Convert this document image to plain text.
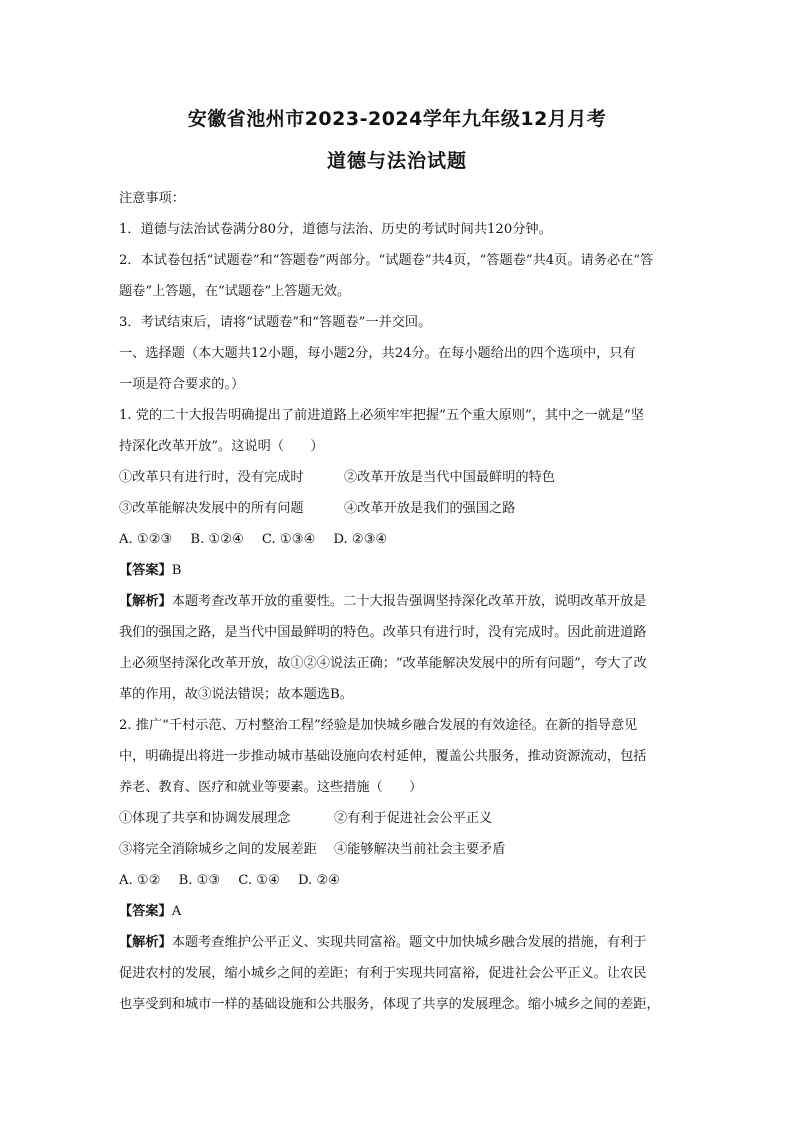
安徽省池州市2023-2024学年九年级12月月考
道德与法治试题
注意事项：
1．道德与法治试卷满分80分，道德与法治、历史的考试时间共120分钟。
2．本试卷包括“试题卷”和“答题卷”两部分。“试题卷”共4页，“答题卷”共4页。请务必在“答
题卷”上答题，在“试题卷”上答题无效。
3．考试结束后，请将“试题卷”和“答题卷”一并交回。
一、选择题（本大题共12小题，每小题2分，共24分。在每小题给出的四个选项中，只有
一项是符合要求的。）
1. 党的二十大报告明确提出了前进道路上必须牢牢把握“五个重大原则”，其中之一就是“坚
持深化改革开放”。这说明（　　）
①改革只有进行时，没有完成时	②改革开放是当代中国最鲜明的特色
③改革能解决发展中的所有问题	④改革开放是我们的强国之路
A. ①②③ B. ①②④ C. ①③④ D. ②③④
【答案】B
【解析】本题考查改革开放的重要性。二十大报告强调坚持深化改革开放，说明改革开放是
我们的强国之路，是当代中国最鲜明的特色。改革只有进行时，没有完成时。因此前进道路
上必须坚持深化改革开放，故①②④说法正确；“改革能解决发展中的所有问题”，夸大了改
革的作用，故③说法错误；故本题选B。
2. 推广“千村示范、万村整治工程”经验是加快城乡融合发展的有效途径。在新的指导意见
中，明确提出将进一步推动城市基础设施向农村延伸，覆盖公共服务，推动资源流动，包括
养老、教育、医疗和就业等要素。这些措施（　　）
①体现了共享和协调发展理念	②有利于促进社会公平正义
③将完全消除城乡之间的发展差距 ④能够解决当前社会主要矛盾
A. ①② B. ①③ C. ①④ D. ②④
【答案】A
【解析】本题考查维护公平正义、实现共同富裕。题文中加快城乡融合发展的措施，有利于
促进农村的发展，缩小城乡之间的差距；有利于实现共同富裕，促进社会公平正义。让农民
也享受到和城市一样的基础设施和公共服务，体现了共享的发展理念。缩小城乡之间的差距，
